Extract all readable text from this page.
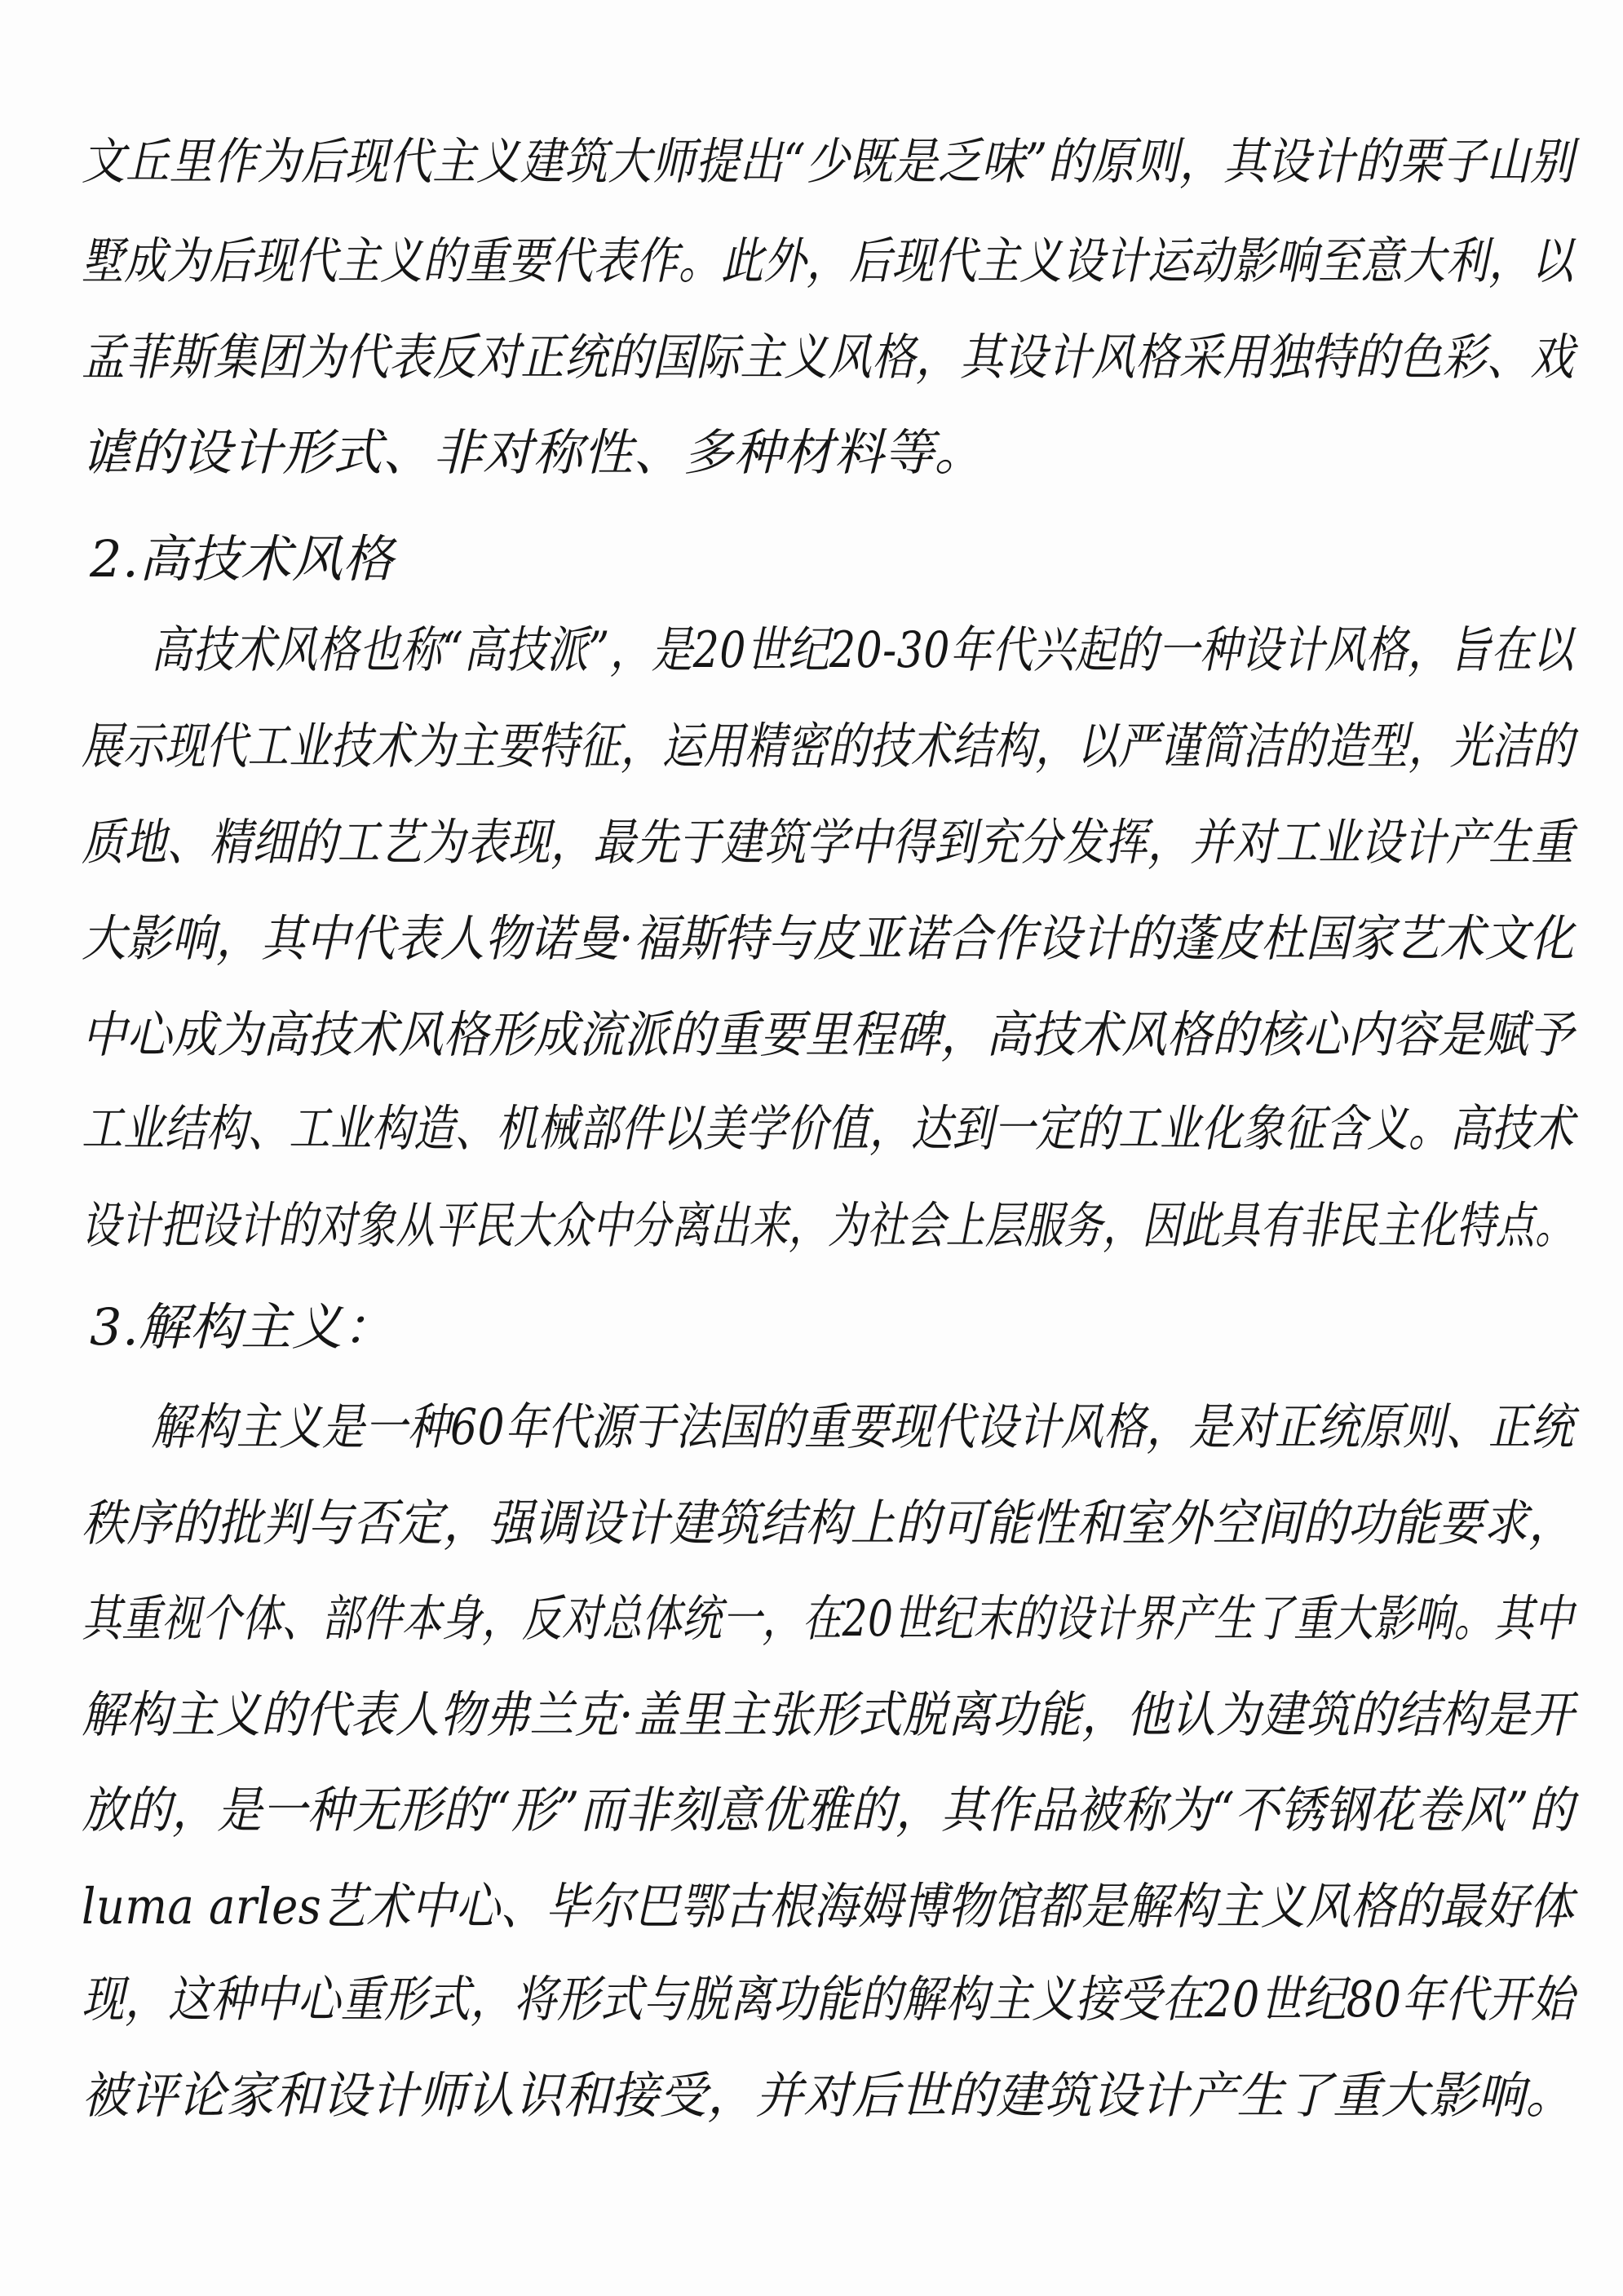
文丘里作为后现代主义建筑大师提出“少既是乏味”的原则，其设计的栗子山别
墅成为后现代主义的重要代表作。此外，后现代主义设计运动影响至意大利，以
孟菲斯集团为代表反对正统的国际主义风格，其设计风格采用独特的色彩、戏
谑的设计形式、非对称性、多种材料等。
2.高技术风格
高技术风格也称“高技派”，是20世纪20-30年代兴起的一种设计风格，旨在以
展示现代工业技术为主要特征，运用精密的技术结构，以严谨简洁的造型，光洁的
质地、精细的工艺为表现，最先于建筑学中得到充分发挥，并对工业设计产生重
大影响，其中代表人物诺曼·福斯特与皮亚诺合作设计的蓬皮杜国家艺术文化
中心成为高技术风格形成流派的重要里程碑，高技术风格的核心内容是赋予
工业结构、工业构造、机械部件以美学价值，达到一定的工业化象征含义。高技术
设计把设计的对象从平民大众中分离出来，为社会上层服务，因此具有非民主化特点。
3.解构主义：
解构主义是一种60年代源于法国的重要现代设计风格，是对正统原则、正统
秩序的批判与否定，强调设计建筑结构上的可能性和室外空间的功能要求，
其重视个体、部件本身，反对总体统一，在20世纪末的设计界产生了重大影响。其中
解构主义的代表人物弗兰克·盖里主张形式脱离功能，他认为建筑的结构是开
放的，是一种无形的“形”而非刻意优雅的，其作品被称为“不锈钢花卷风”的
luma arles艺术中心、毕尔巴鄂古根海姆博物馆都是解构主义风格的最好体
现，这种中心重形式，将形式与脱离功能的解构主义接受在20世纪80年代开始
被评论家和设计师认识和接受，并对后世的建筑设计产生了重大影响。
